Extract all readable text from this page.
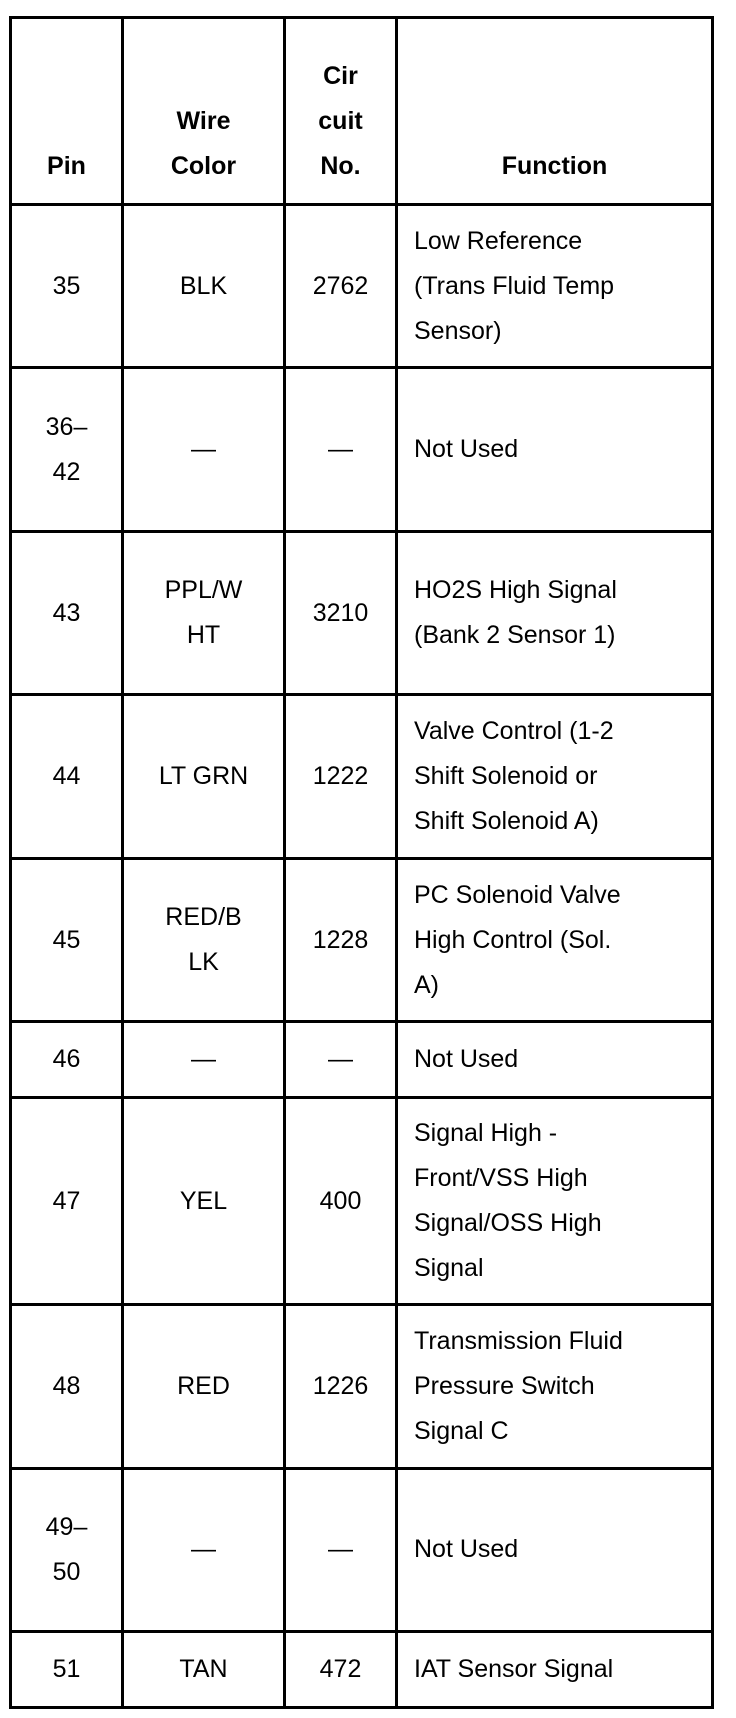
Pin	Wire
Color	Cir
cuit
No.	Function

35	BLK	2762	Low Reference
(Trans Fluid Temp
Sensor)

36–
42	—	—	Not Used

43	PPL/W
HT	3210	HO2S High Signal
(Bank 2 Sensor 1)

44	LT GRN	1222	Valve Control (1-2
Shift Solenoid or
Shift Solenoid A)

45	RED/B
LK	1228	PC Solenoid Valve
High Control (Sol.
A)

46	—	—	Not Used

47	YEL	400	Signal High -
Front/VSS High
Signal/OSS High
Signal

48	RED	1226	Transmission Fluid
Pressure Switch
Signal C

49–
50	—	—	Not Used

51	TAN	472	IAT Sensor Signal
